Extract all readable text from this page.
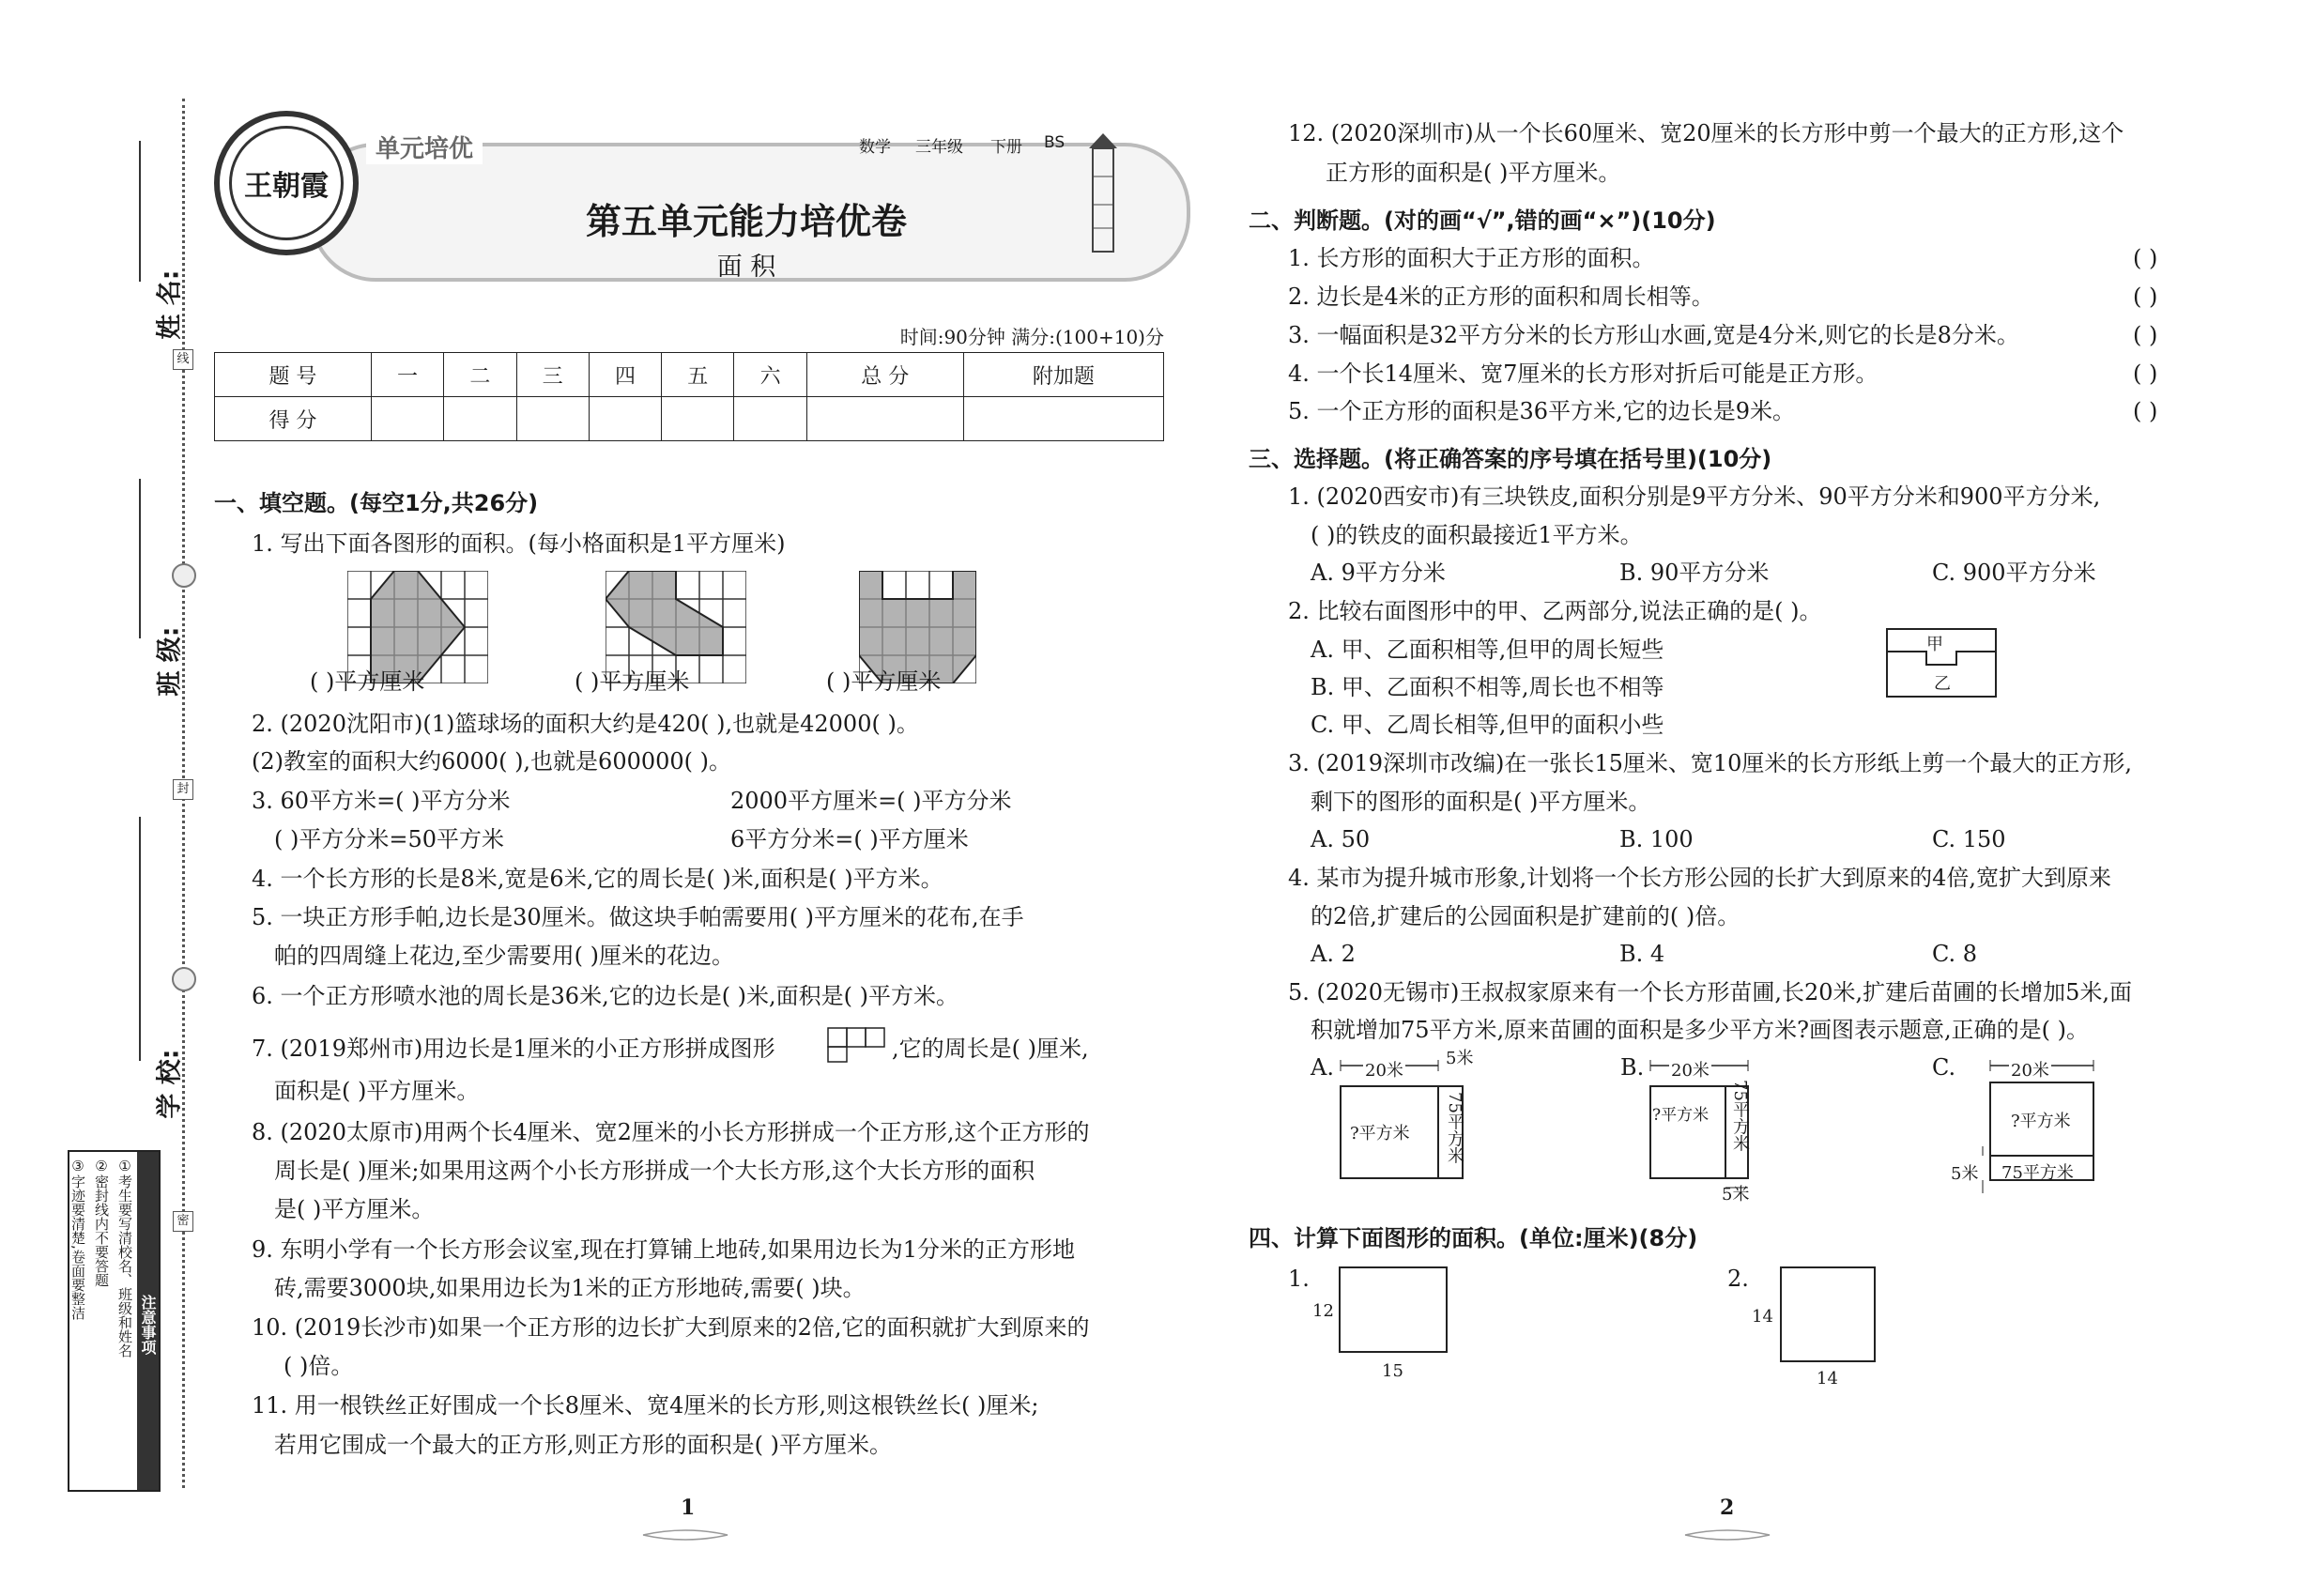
姓 名:
班 级:
学 校:
线
封
密
注意事项
①考生要写清校名、班级和姓名
②密封线内不要答题
③字迹要清楚,卷面要整洁
王朝霞
单元培优	数学 三年级 下册 BS
第五单元能力培优卷
面 积
时间:90分钟 满分:(100+10)分
题 号	一	二	三	四	五	六	总 分	附加题
得 分								
一、填空题。(每空1分,共26分)
1. 写出下面各图形的面积。(每小格面积是1平方厘米)
( )平方厘米	( )平方厘米	( )平方厘米
2. (2020沈阳市)(1)篮球场的面积大约是420( ),也就是42000( )。
(2)教室的面积大约6000( ),也就是600000( )。
3. 60平方米=( )平方分米	2000平方厘米=( )平方分米
( )平方分米=50平方米	6平方分米=( )平方厘米
4. 一个长方形的长是8米,宽是6米,它的周长是( )米,面积是( )平方米。
5. 一块正方形手帕,边长是30厘米。做这块手帕需要用( )平方厘米的花布,在手
帕的四周缝上花边,至少需要用( )厘米的花边。
6. 一个正方形喷水池的周长是36米,它的边长是( )米,面积是( )平方米。
7. (2019郑州市)用边长是1厘米的小正方形拼成图形	,它的周长是( )厘米,
面积是( )平方厘米。
8. (2020太原市)用两个长4厘米、宽2厘米的小长方形拼成一个正方形,这个正方形的
周长是( )厘米;如果用这两个小长方形拼成一个大长方形,这个大长方形的面积
是( )平方厘米。
9. 东明小学有一个长方形会议室,现在打算铺上地砖,如果用边长为1分米的正方形地
砖,需要3000块,如果用边长为1米的正方形地砖,需要( )块。
10. (2019长沙市)如果一个正方形的边长扩大到原来的2倍,它的面积就扩大到原来的
( )倍。
11. 用一根铁丝正好围成一个长8厘米、宽4厘米的长方形,则这根铁丝长( )厘米;
若用它围成一个最大的正方形,则正方形的面积是( )平方厘米。
1
12. (2020深圳市)从一个长60厘米、宽20厘米的长方形中剪一个最大的正方形,这个
正方形的面积是( )平方厘米。
二、判断题。(对的画“√”,错的画“×”)(10分)
1. 长方形的面积大于正方形的面积。	( )
2. 边长是4米的正方形的面积和周长相等。	( )
3. 一幅面积是32平方分米的长方形山水画,宽是4分米,则它的长是8分米。	( )
4. 一个长14厘米、宽7厘米的长方形对折后可能是正方形。	( )
5. 一个正方形的面积是36平方米,它的边长是9米。	( )
三、选择题。(将正确答案的序号填在括号里)(10分)
1. (2020西安市)有三块铁皮,面积分别是9平方分米、90平方分米和900平方分米,
( )的铁皮的面积最接近1平方米。
A. 9平方分米	B. 90平方分米	C. 900平方分米
2. 比较右面图形中的甲、乙两部分,说法正确的是( )。
A. 甲、乙面积相等,但甲的周长短些
B. 甲、乙面积不相等,周长也不相等
C. 甲、乙周长相等,但甲的面积小些
甲
乙
3. (2019深圳市改编)在一张长15厘米、宽10厘米的长方形纸上剪一个最大的正方形,
剩下的图形的面积是( )平方厘米。
A. 50	B. 100	C. 150
4. 某市为提升城市形象,计划将一个长方形公园的长扩大到原来的4倍,宽扩大到原来
的2倍,扩建后的公园面积是扩建前的( )倍。
A. 2	B. 4	C. 8
5. (2020无锡市)王叔叔家原来有一个长方形苗圃,长20米,扩建后苗圃的长增加5米,面
积就增加75平方米,原来苗圃的面积是多少平方米?画图表示题意,正确的是( )。
A. 20米
5米
?平方米 75平方米
B. 20米
5米
?平方米 75平方米
C.	20米
5米
?平方米
75平方米
四、计算下面图形的面积。(单位:厘米)(8分)
1.
12
15
2.
14
14
2
